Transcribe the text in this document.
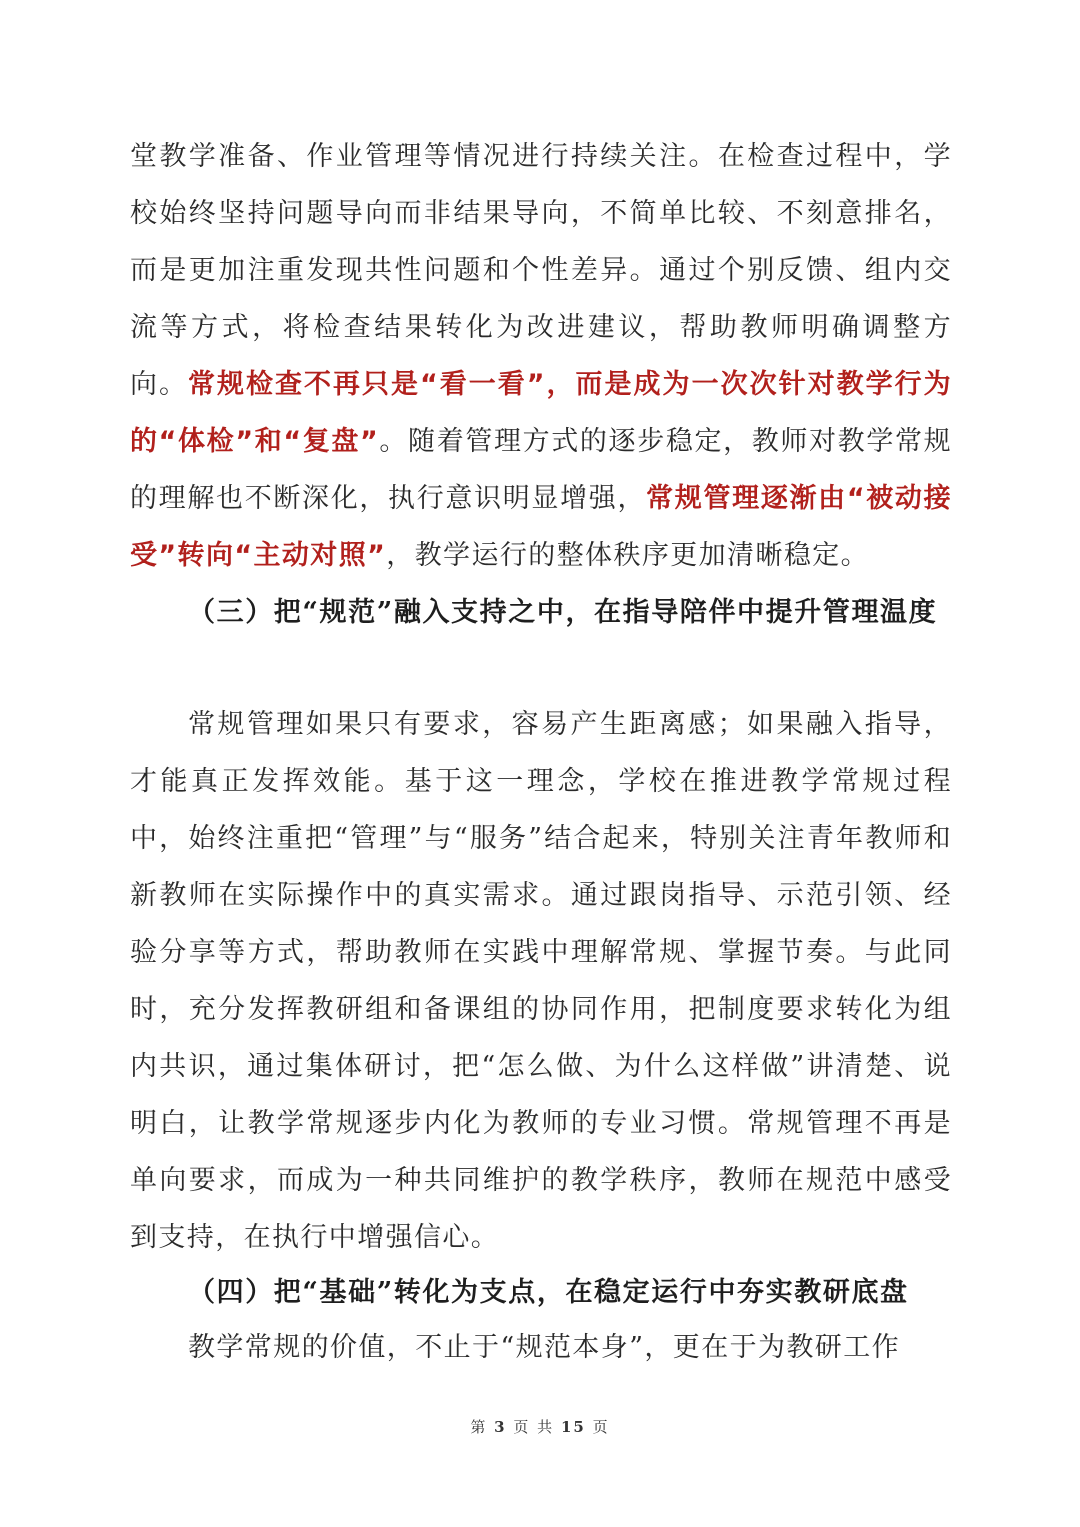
堂教学准备、作业管理等情况进行持续关注。在检查过程中，学校始终坚持问题导向而非结果导向，不简单比较、不刻意排名，而是更加注重发现共性问题和个性差异。通过个别反馈、组内交流等方式，将检查结果转化为改进建议，帮助教师明确调整方向。常规检查不再只是“看一看”，而是成为一次次针对教学行为的“体检”和“复盘”。随着管理方式的逐步稳定，教师对教学常规的理解也不断深化，执行意识明显增强，常规管理逐渐由“被动接受”转向“主动对照”，教学运行的整体秩序更加清晰稳定。
（三）把“规范”融入支持之中，在指导陪伴中提升管理温度
常规管理如果只有要求，容易产生距离感；如果融入指导，才能真正发挥效能。基于这一理念，学校在推进教学常规过程中，始终注重把“管理”与“服务”结合起来，特别关注青年教师和新教师在实际操作中的真实需求。通过跟岗指导、示范引领、经验分享等方式，帮助教师在实践中理解常规、掌握节奏。与此同时，充分发挥教研组和备课组的协同作用，把制度要求转化为组内共识，通过集体研讨，把“怎么做、为什么这样做”讲清楚、说明白，让教学常规逐步内化为教师的专业习惯。常规管理不再是单向要求，而成为一种共同维护的教学秩序，教师在规范中感受到支持，在执行中增强信心。
（四）把“基础”转化为支点，在稳定运行中夯实教研底盘
教学常规的价值，不止于“规范本身”，更在于为教研工作
第 3 页 共 15 页
